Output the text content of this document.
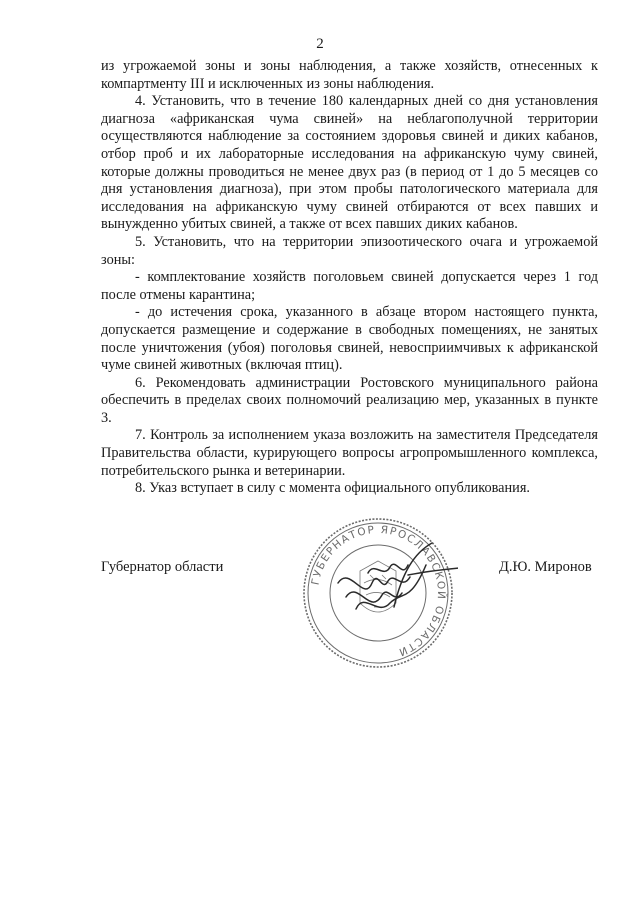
2

из угрожаемой зоны и зоны наблюдения, а также хозяйств, отнесенных к компартменту III и исключенных из зоны наблюдения.

4. Установить, что в течение 180 календарных дней со дня установления диагноза «африканская чума свиней» на неблагополучной территории осуществляются наблюдение за состоянием здоровья свиней и диких кабанов, отбор проб и их лабораторные исследования на африканскую чуму свиней, которые должны проводиться не менее двух раз (в период от 1 до 5 месяцев со дня установления диагноза), при этом пробы патологического материала для исследования на африканскую чуму свиней отбираются от всех павших и вынужденно убитых свиней, а также от всех павших диких кабанов.

5. Установить, что на территории эпизоотического очага и угрожаемой зоны:

- комплектование хозяйств поголовьем свиней допускается через 1 год после отмены карантина;

- до истечения срока, указанного в абзаце втором настоящего пункта, допускается размещение и содержание в свободных помещениях, не занятых после уничтожения (убоя) поголовья свиней, невосприимчивых к африканской чуме свиней животных (включая птиц).

6. Рекомендовать администрации Ростовского муниципального района обеспечить в пределах своих полномочий реализацию мер, указанных в пункте 3.

7. Контроль за исполнением указа возложить на заместителя Председателя Правительства области, курирующего вопросы агропромышленного комплекса, потребительского рынка и ветеринарии.

8. Указ вступает в силу с момента официального опубликования.

Губернатор области
ГУБЕРНАТОР ЯРОСЛАВСКОЙ ОБЛАСТИ
Д.Ю. Миронов
